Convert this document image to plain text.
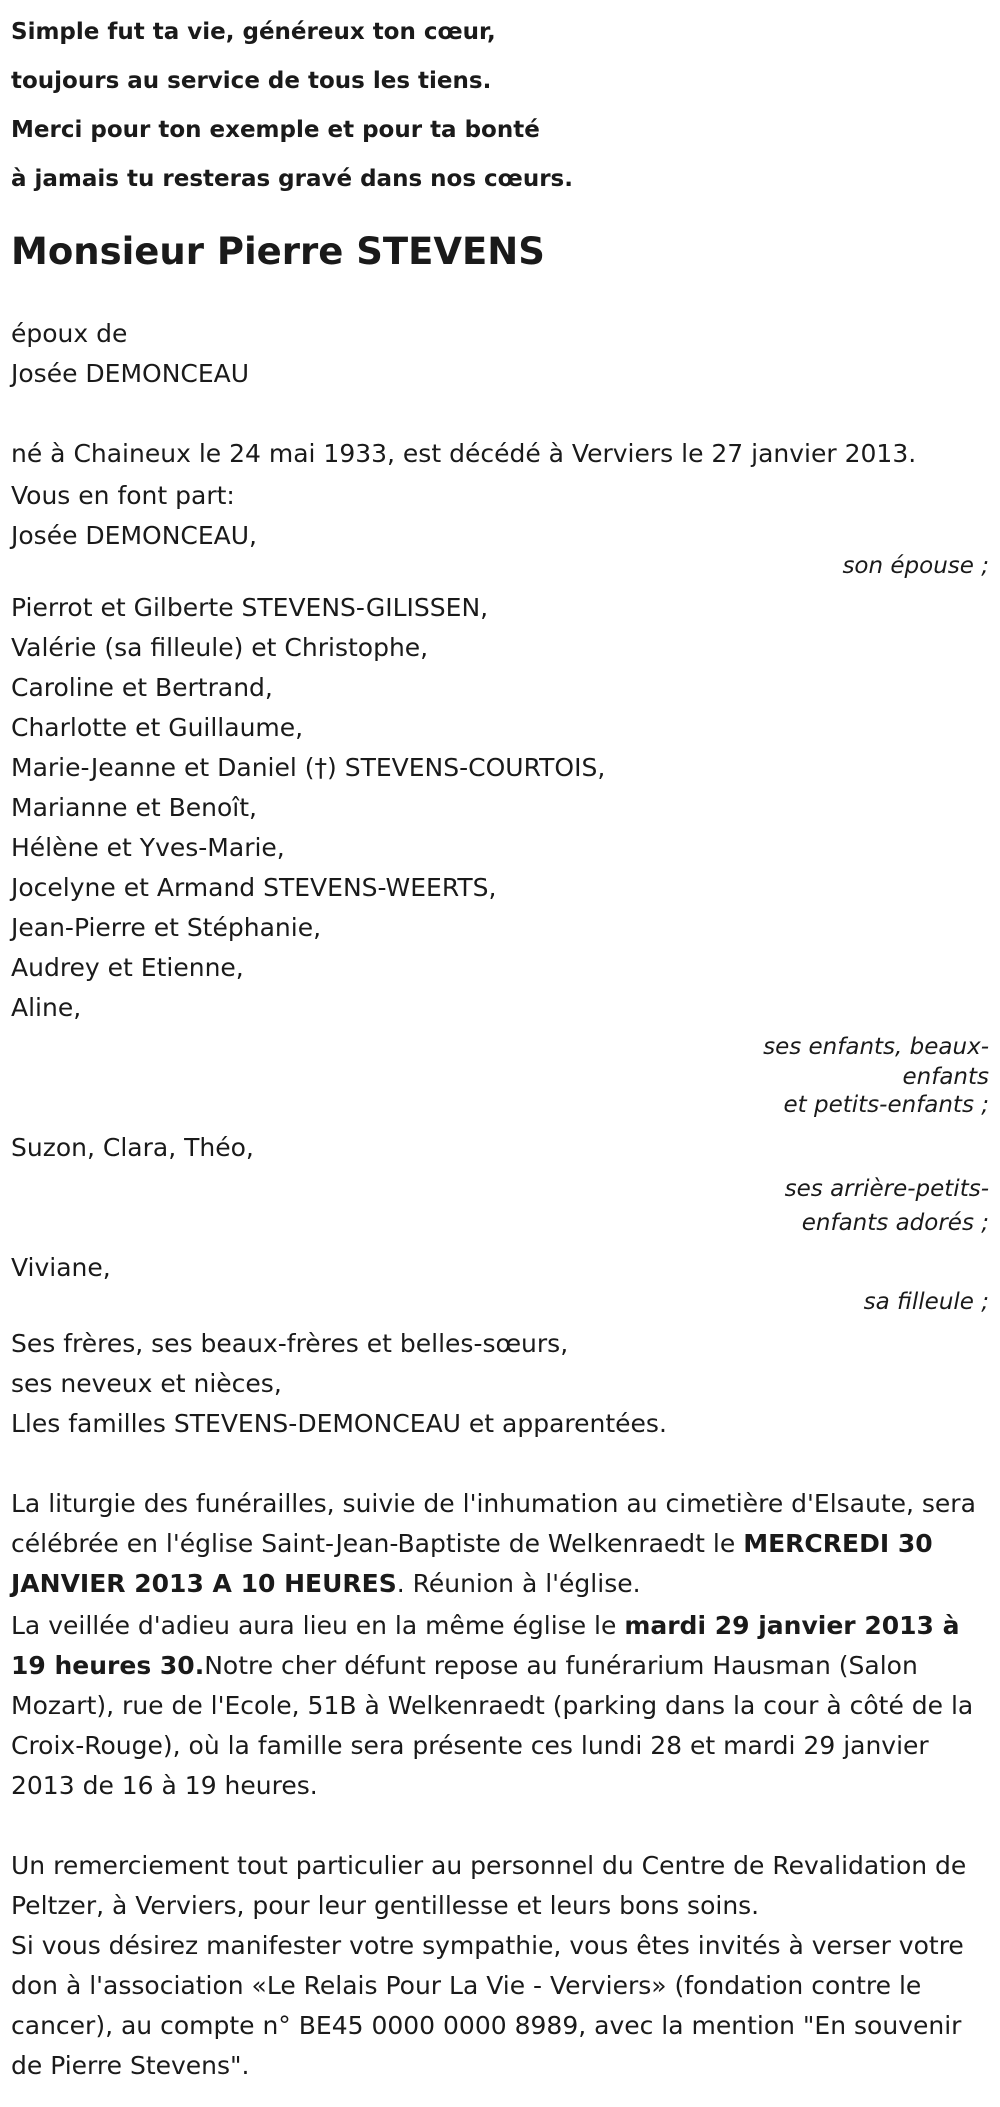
Simple fut ta vie, généreux ton cœur,
toujours au service de tous les tiens.
Merci pour ton exemple et pour ta bonté
à jamais tu resteras gravé dans nos cœurs.
Monsieur Pierre STEVENS
époux de
Josée DEMONCEAU
né à Chaineux le 24 mai 1933, est décédé à Verviers le 27 janvier 2013.
Vous en font part:
Josée DEMONCEAU,
son épouse ;
Pierrot et Gilberte STEVENS-GILISSEN,
Valérie (sa filleule) et Christophe,
Caroline et Bertrand,
Charlotte et Guillaume,
Marie-Jeanne et Daniel (†) STEVENS-COURTOIS,
Marianne et Benoît,
Hélène et Yves-Marie,
Jocelyne et Armand STEVENS-WEERTS,
Jean-Pierre et Stéphanie,
Audrey et Etienne,
Aline,
ses enfants, beaux-
enfants
et petits-enfants ;
Suzon, Clara, Théo,
ses arrière-petits-
enfants adorés ;
Viviane,
sa filleule ;
Ses frères, ses beaux-frères et belles-sœurs,
ses neveux et nièces,
Lles familles STEVENS-DEMONCEAU et apparentées.
La liturgie des funérailles, suivie de l'inhumation au cimetière d'Elsaute, sera célébrée en l'église Saint-Jean-Baptiste de Welkenraedt le MERCREDI 30 JANVIER 2013 A 10 HEURES. Réunion à l'église.
La veillée d'adieu aura lieu en la même église le mardi 29 janvier 2013 à 19 heures 30.Notre cher défunt repose au funérarium Hausman (Salon Mozart), rue de l'Ecole, 51B à Welkenraedt (parking dans la cour à côté de la Croix-Rouge), où la famille sera présente ces lundi 28 et mardi 29 janvier 2013 de 16 à 19 heures.
Un remerciement tout particulier au personnel du Centre de Revalidation de Peltzer, à Verviers, pour leur gentillesse et leurs bons soins.
Si vous désirez manifester votre sympathie, vous êtes invités à verser votre don à l'association «Le Relais Pour La Vie - Verviers» (fondation contre le cancer), au compte n° BE45 0000 0000 8989, avec la mention "En souvenir de Pierre Stevens".
